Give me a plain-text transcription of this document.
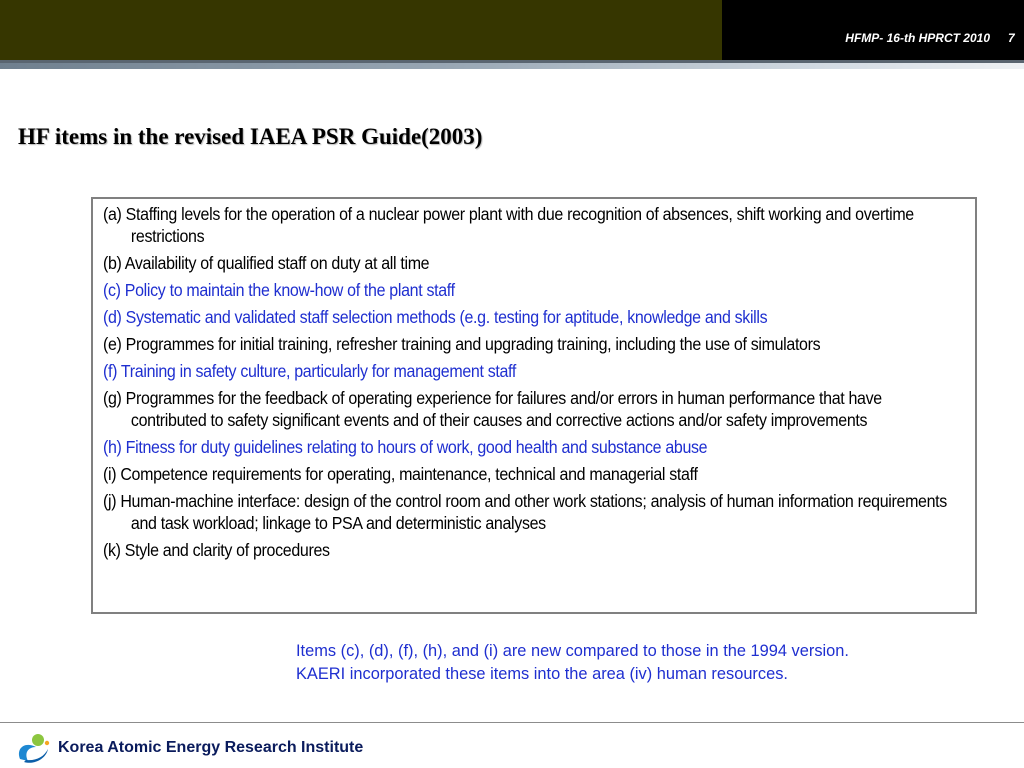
HFMP- 16-th HPRCT 2010 7
HF items in the revised IAEA PSR Guide(2003)
(a) Staffing levels for the operation of a nuclear power plant with due recognition of absences, shift working and overtime restrictions
(b) Availability of qualified staff on duty at all time
(c) Policy to maintain the know-how of the plant staff
(d) Systematic and validated staff selection methods (e.g. testing for aptitude, knowledge and skills
(e) Programmes for initial training, refresher training and upgrading training, including the use of simulators
(f) Training in safety culture, particularly for management staff
(g) Programmes for the feedback of operating experience for failures and/or errors in human performance that have contributed to safety significant events and of their causes and corrective actions and/or safety improvements
(h) Fitness for duty guidelines relating to hours of work, good health and substance abuse
(i) Competence requirements for operating, maintenance, technical and managerial staff
(j) Human-machine interface: design of the control room and other work stations; analysis of human information requirements and task workload; linkage to PSA and deterministic analyses
(k) Style and clarity of procedures

Items (c), (d), (f), (h), and (i) are new compared to those in the 1994 version.

KAERI incorporated these items into the area (iv) human resources.

Korea Atomic Energy Research Institute
